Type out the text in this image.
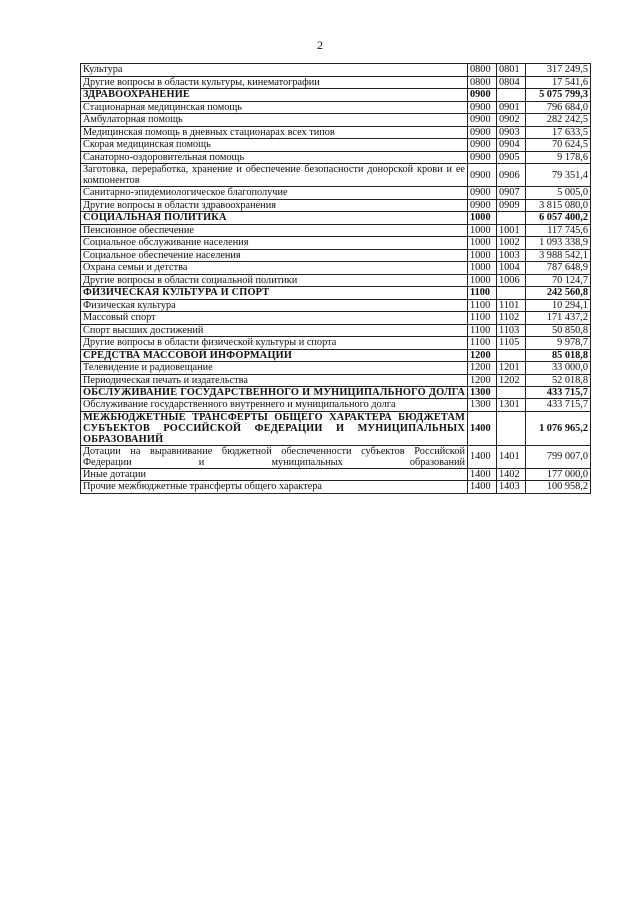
2
Культура	0800	0801	317 249,5
Другие вопросы в области культуры, кинематографии	0800	0804	17 541,6
ЗДРАВООХРАНЕНИЕ	0900		5 075 799,3
Стационарная медицинская помощь	0900	0901	796 684,0
Амбулаторная помощь	0900	0902	282 242,5
Медицинская помощь в дневных стационарах всех типов	0900	0903	17 633,5
Скорая медицинская помощь	0900	0904	70 624,5
Санаторно-оздоровительная помощь	0900	0905	9 178,6
Заготовка, переработка, хранение и обеспечение безопасности донорской крови и ее компонентов	0900	0906	79 351,4
Санитарно-эпидемиологическое благополучие	0900	0907	5 005,0
Другие вопросы в области здравоохранения	0900	0909	3 815 080,0
СОЦИАЛЬНАЯ ПОЛИТИКА	1000		6 057 400,2
Пенсионное обеспечение	1000	1001	117 745,6
Социальное обслуживание населения	1000	1002	1 093 338,9
Социальное обеспечение населения	1000	1003	3 988 542,1
Охрана семьи и детства	1000	1004	787 648,9
Другие вопросы в области социальной политики	1000	1006	70 124,7
ФИЗИЧЕСКАЯ КУЛЬТУРА И СПОРТ	1100		242 560,8
Физическая культура	1100	1101	10 294,1
Массовый спорт	1100	1102	171 437,2
Спорт высших достижений	1100	1103	50 850,8
Другие вопросы в области физической культуры и спорта	1100	1105	9 978,7
СРЕДСТВА МАССОВОЙ ИНФОРМАЦИИ	1200		85 018,8
Телевидение и радиовещание	1200	1201	33 000,0
Периодическая печать и издательства	1200	1202	52 018,8
ОБСЛУЖИВАНИЕ ГОСУДАРСТВЕННОГО И МУНИЦИПАЛЬНОГО ДОЛГА	1300		433 715,7
Обслуживание государственного внутреннего и муниципального долга	1300	1301	433 715,7
МЕЖБЮДЖЕТНЫЕ ТРАНСФЕРТЫ ОБЩЕГО ХАРАКТЕРА БЮДЖЕТАМ СУБЪЕКТОВ РОССИЙСКОЙ ФЕДЕРАЦИИ И МУНИЦИПАЛЬНЫХ ОБРАЗОВАНИЙ	1400		1 076 965,2
Дотации на выравнивание бюджетной обеспеченности субъектов Российской Федерации и муниципальных образований	1400	1401	799 007,0
Иные дотации	1400	1402	177 000,0
Прочие межбюджетные трансферты общего характера	1400	1403	100 958,2
